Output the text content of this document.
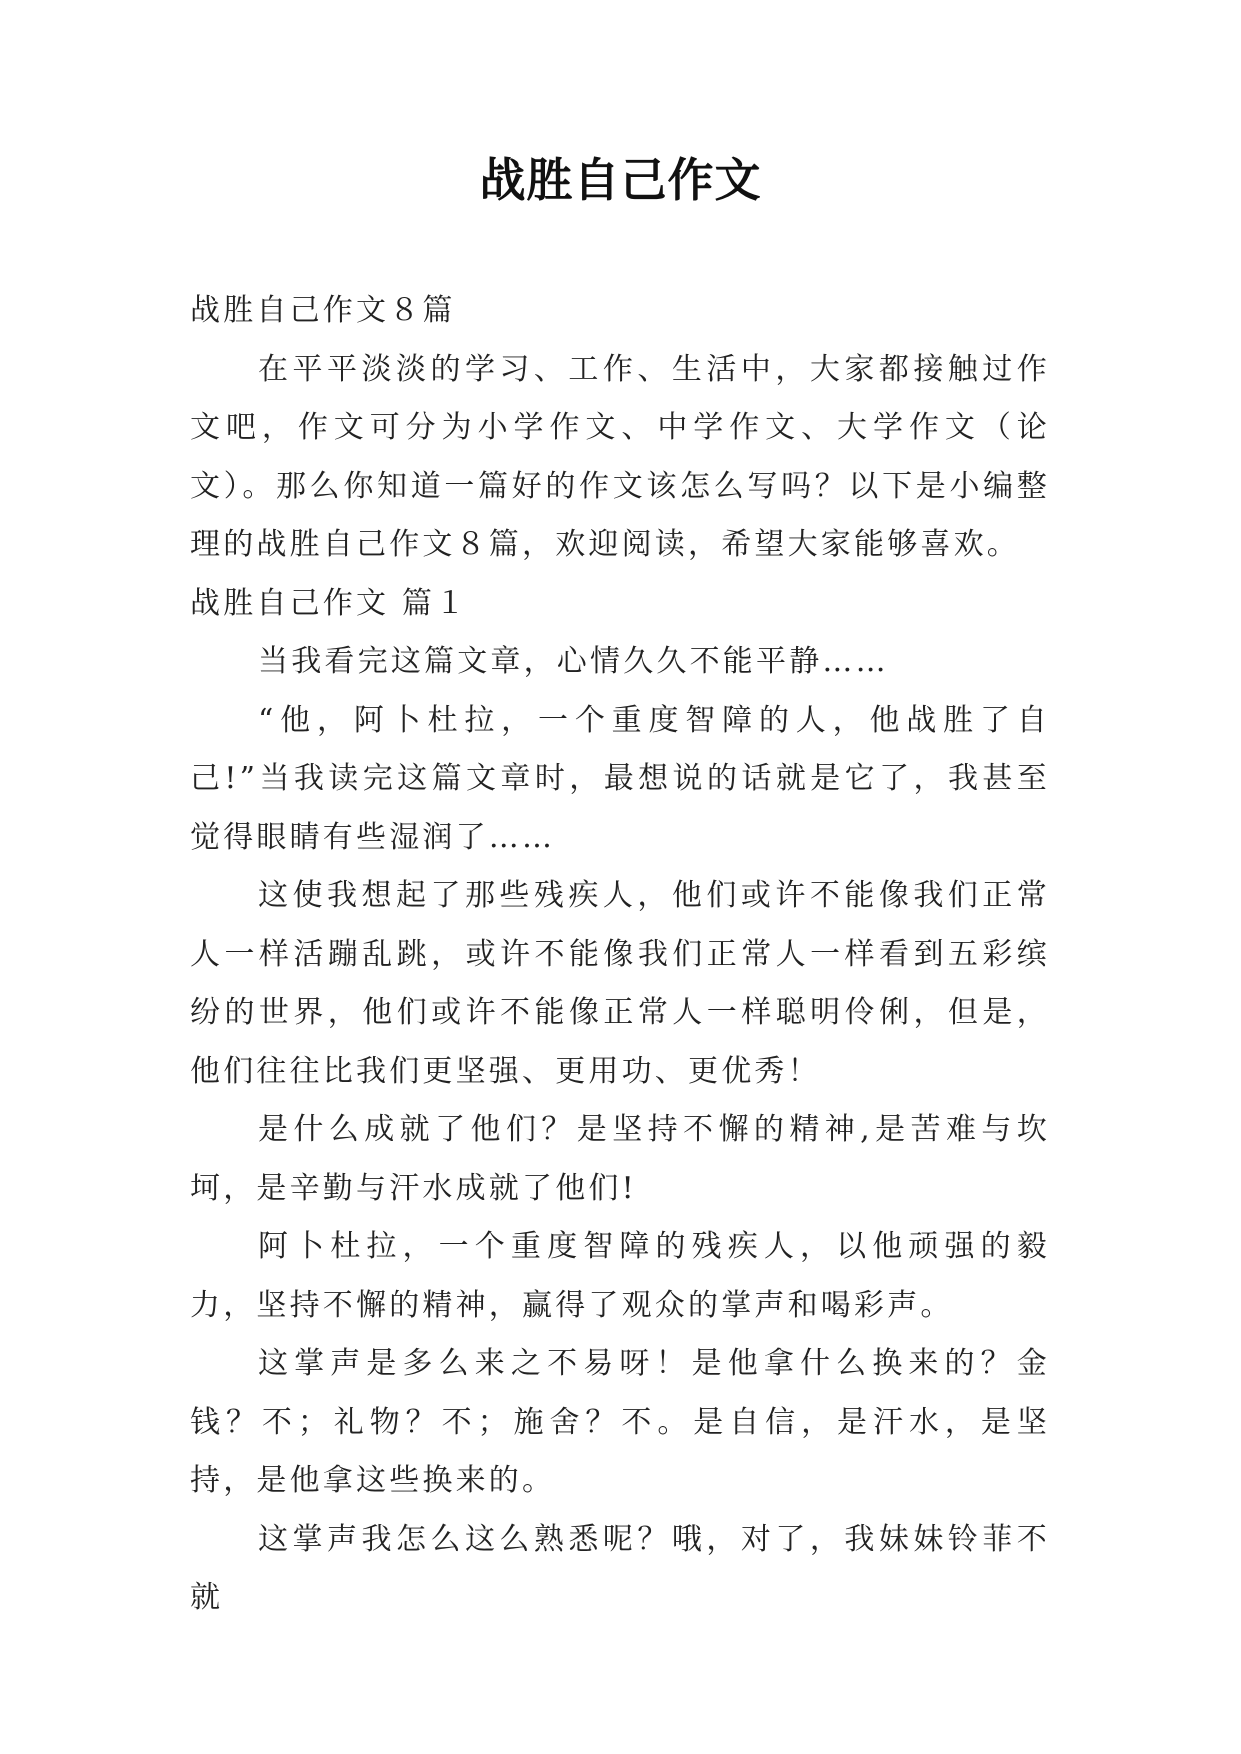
战胜自己作文

战胜自己作文８篇

在平平淡淡的学习、工作、生活中，大家都接触过作文吧，作文可分为小学作文、中学作文、大学作文（论文）。那么你知道一篇好的作文该怎么写吗？以下是小编整理的战胜自己作文８篇，欢迎阅读，希望大家能够喜欢。

战胜自己作文 篇１

当我看完这篇文章，心情久久不能平静……

“他，阿卜杜拉，一个重度智障的人，他战胜了自己!”当我读完这篇文章时，最想说的话就是它了，我甚至觉得眼睛有些湿润了……

这使我想起了那些残疾人，他们或许不能像我们正常人一样活蹦乱跳，或许不能像我们正常人一样看到五彩缤纷的世界，他们或许不能像正常人一样聪明伶俐，但是，他们往往比我们更坚强、更用功、更优秀！

是什么成就了他们？是坚持不懈的精神,是苦难与坎坷，是辛勤与汗水成就了他们!

阿卜杜拉，一个重度智障的残疾人，以他顽强的毅力，坚持不懈的精神，赢得了观众的掌声和喝彩声。

这掌声是多么来之不易呀！是他拿什么换来的？金钱？不；礼物？不；施舍？不。是自信，是汗水，是坚持，是他拿这些换来的。

这掌声我怎么这么熟悉呢？哦，对了，我妹妹铃菲不就
